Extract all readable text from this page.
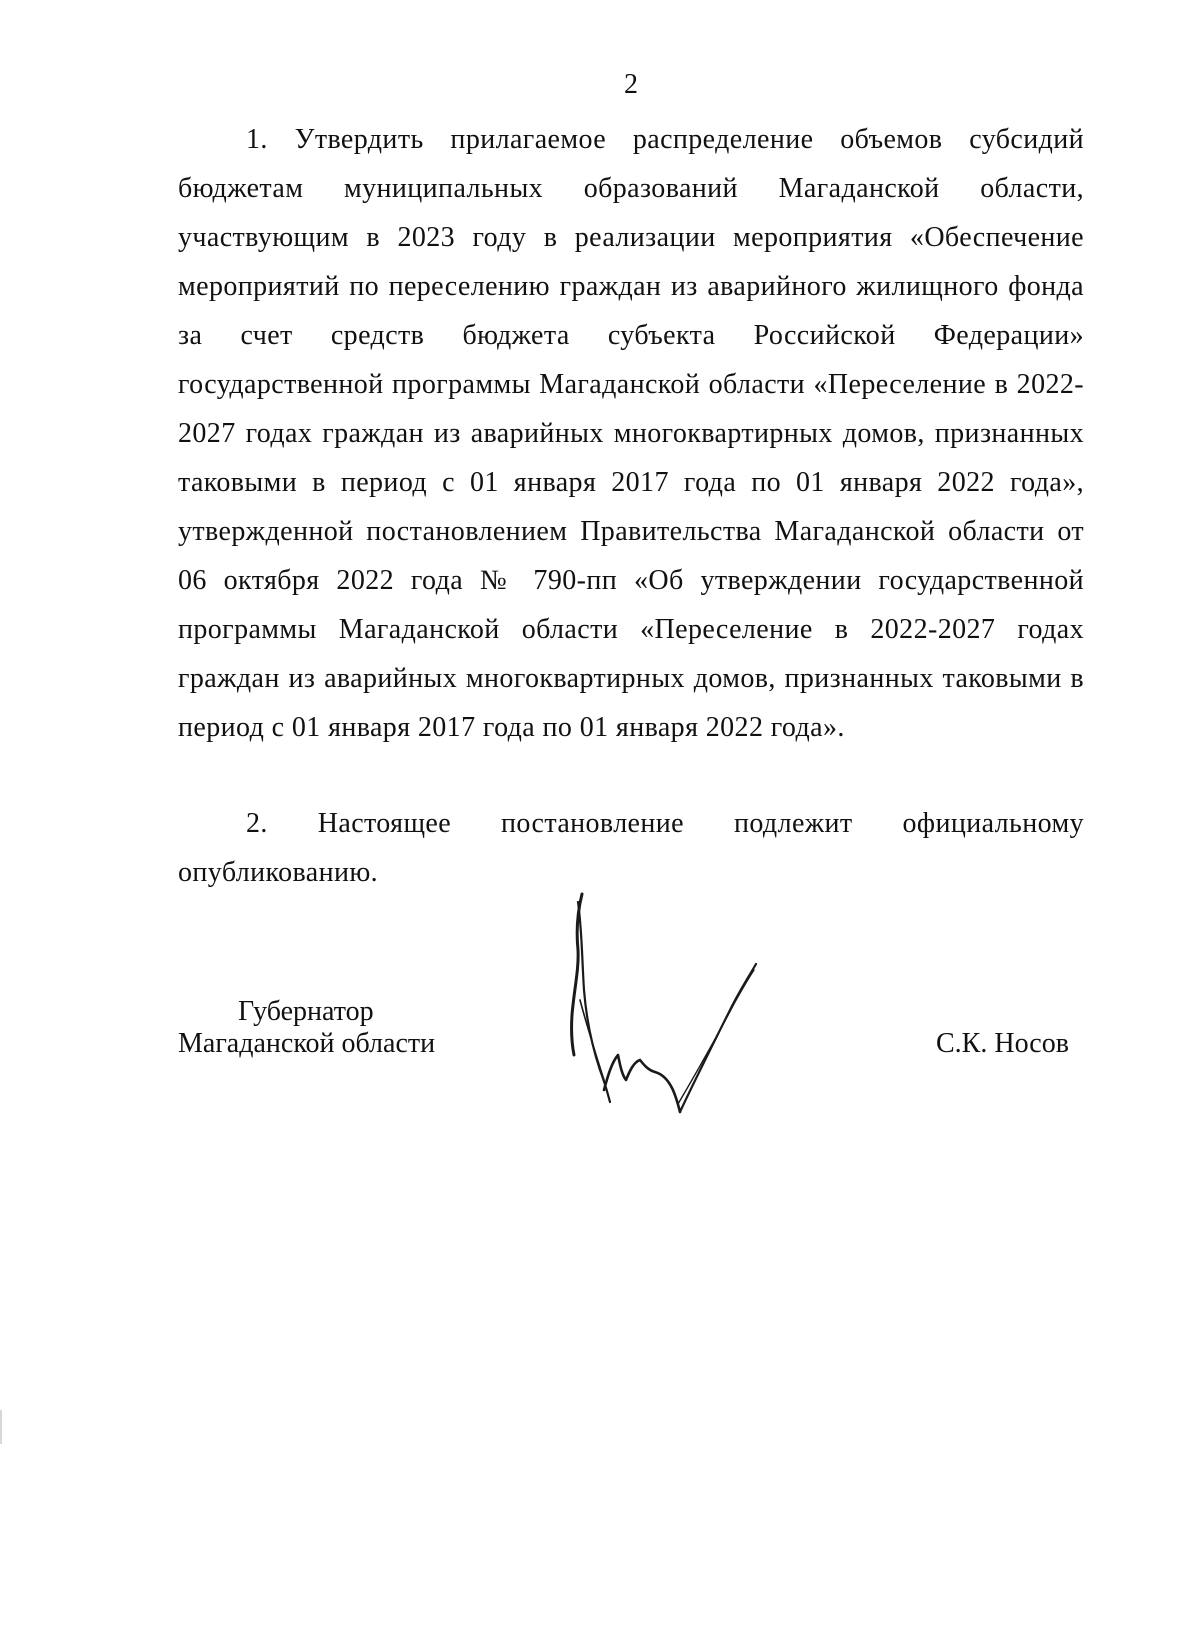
2

1. Утвердить прилагаемое распределение объемов субсидий бюджетам муниципальных образований Магаданской области, участвующим в 2023 году в реализации мероприятия «Обеспечение мероприятий по переселению граждан из аварийного жилищного фонда за счет средств бюджета субъекта Российской Федерации» государственной программы Магаданской области «Переселение в 2022-2027 годах граждан из аварийных многоквартирных домов, признанных таковыми в период с 01 января 2017 года по 01 января 2022 года», утвержденной постановлением Правительства Магаданской области от 06 октября 2022 года № 790-пп «Об утверждении государственной программы Магаданской области «Переселение в 2022-2027 годах граждан из аварийных многоквартирных домов, признанных таковыми в период с 01 января 2017 года по 01 января 2022 года».

2. Настоящее постановление подлежит официальному опубликованию.

Губернатор
Магаданской области	С.К. Носов
